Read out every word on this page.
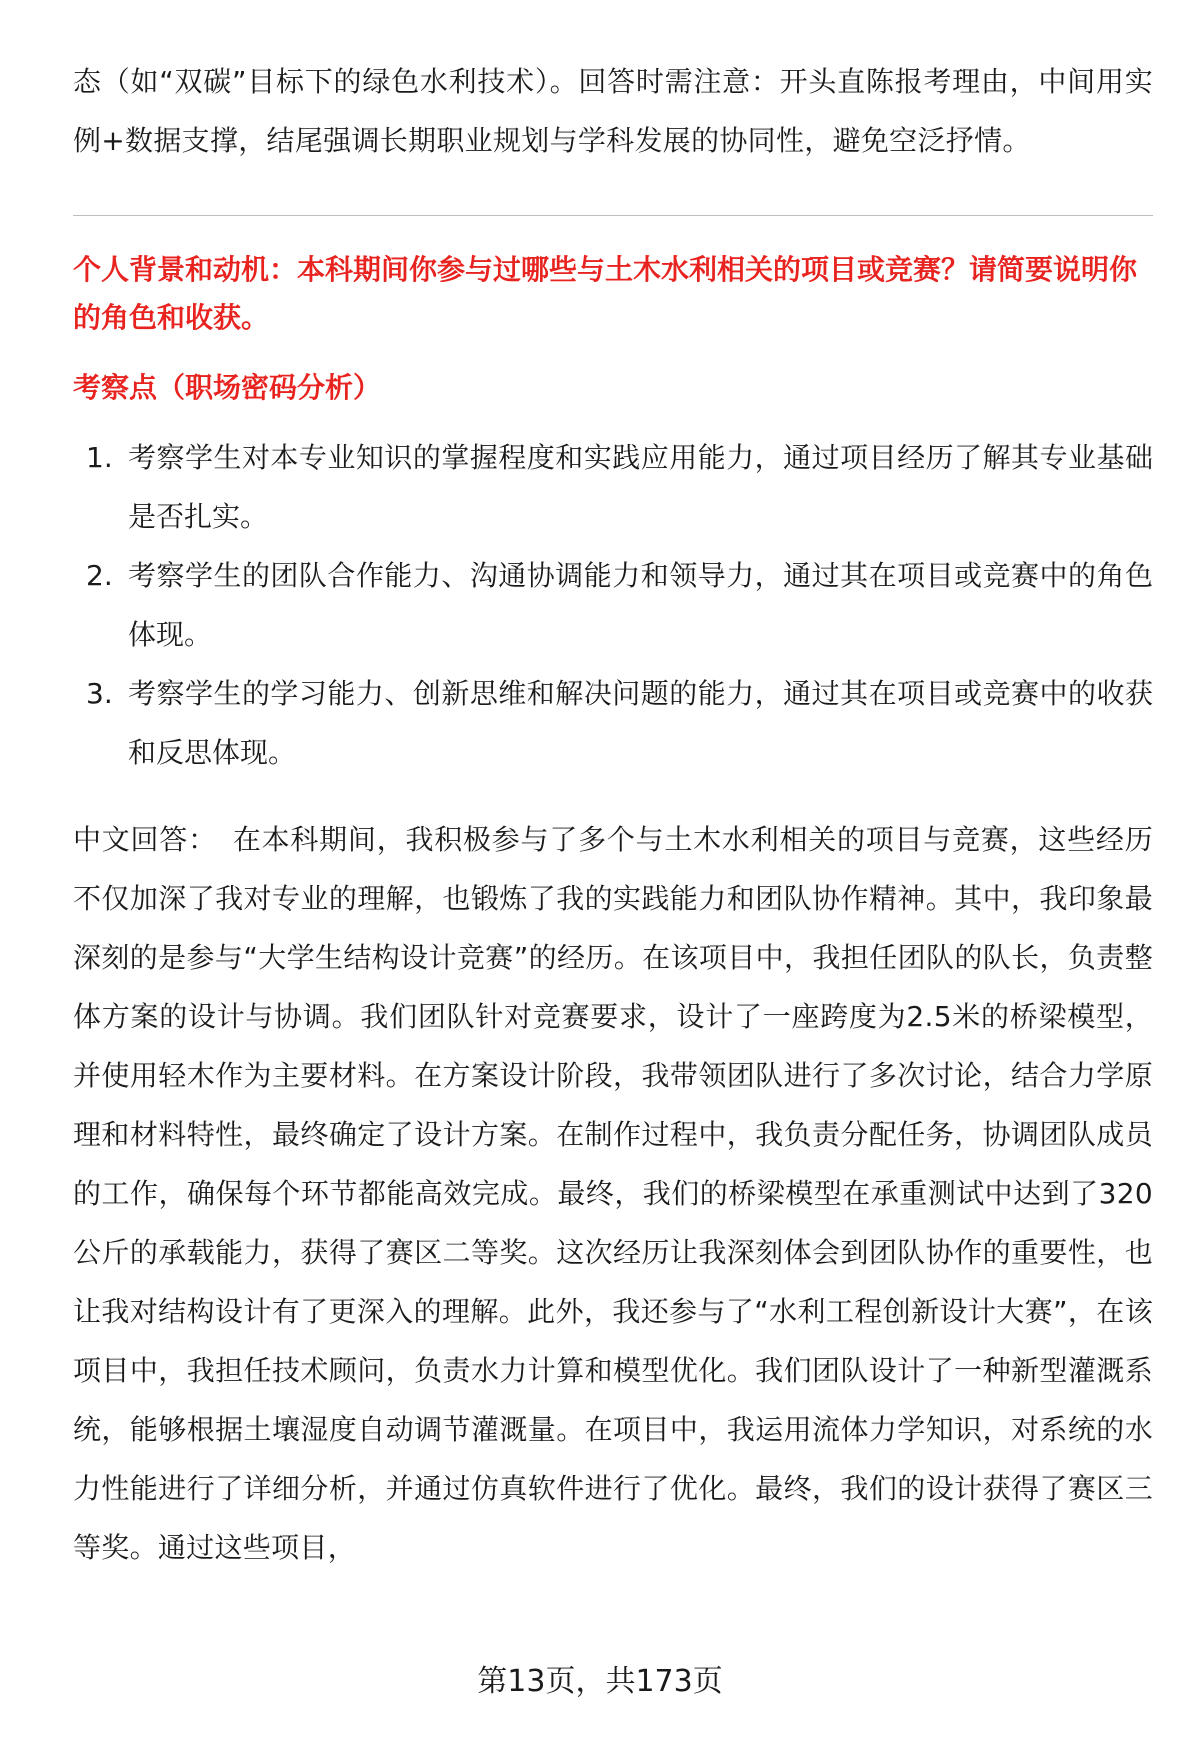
态（如“双碳”目标下的绿色水利技术）。回答时需注意：开头直陈报考理由，中间用实例+数据支撑，结尾强调长期职业规划与学科发展的协同性，避免空泛抒情。

个人背景和动机：本科期间你参与过哪些与土木水利相关的项目或竞赛？请简要说明你的角色和收获。

考察点（职场密码分析）

1. 考察学生对本专业知识的掌握程度和实践应用能力，通过项目经历了解其专业基础是否扎实。
2. 考察学生的团队合作能力、沟通协调能力和领导力，通过其在项目或竞赛中的角色体现。
3. 考察学生的学习能力、创新思维和解决问题的能力，通过其在项目或竞赛中的收获和反思体现。

中文回答： 在本科期间，我积极参与了多个与土木水利相关的项目与竞赛，这些经历不仅加深了我对专业的理解，也锻炼了我的实践能力和团队协作精神。其中，我印象最深刻的是参与“大学生结构设计竞赛”的经历。在该项目中，我担任团队的队长，负责整体方案的设计与协调。我们团队针对竞赛要求，设计了一座跨度为2.5米的桥梁模型，并使用轻木作为主要材料。在方案设计阶段，我带领团队进行了多次讨论，结合力学原理和材料特性，最终确定了设计方案。在制作过程中，我负责分配任务，协调团队成员的工作，确保每个环节都能高效完成。最终，我们的桥梁模型在承重测试中达到了320公斤的承载能力，获得了赛区二等奖。这次经历让我深刻体会到团队协作的重要性，也让我对结构设计有了更深入的理解。此外，我还参与了“水利工程创新设计大赛”，在该项目中，我担任技术顾问，负责水力计算和模型优化。我们团队设计了一种新型灌溉系统，能够根据土壤湿度自动调节灌溉量。在项目中，我运用流体力学知识，对系统的水力性能进行了详细分析，并通过仿真软件进行了优化。最终，我们的设计获得了赛区三等奖。通过这些项目，

第13页，共173页
